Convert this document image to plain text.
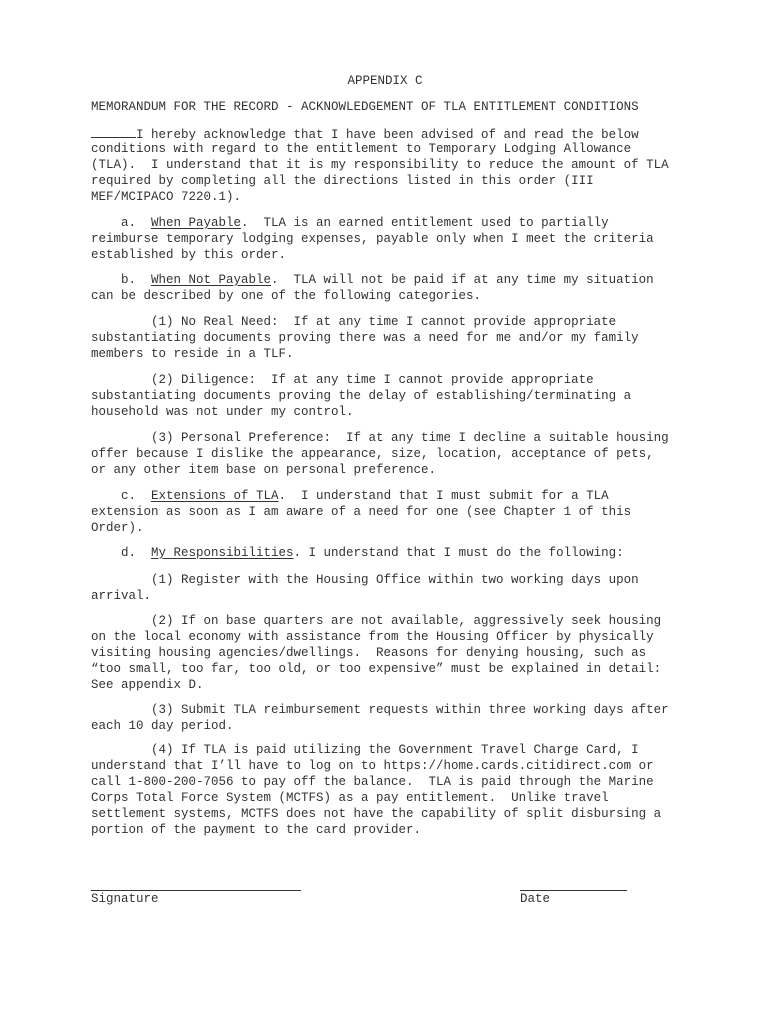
APPENDIX C
MEMORANDUM FOR THE RECORD - ACKNOWLEDGEMENT OF TLA ENTITLEMENT CONDITIONS
I hereby acknowledge that I have been advised of and read the below
conditions with regard to the entitlement to Temporary Lodging Allowance
(TLA).  I understand that it is my responsibility to reduce the amount of TLA
required by completing all the directions listed in this order (III
MEF/MCIPACO 7220.1).
a.  When Payable.  TLA is an earned entitlement used to partially
reimburse temporary lodging expenses, payable only when I meet the criteria
established by this order.
b.  When Not Payable.  TLA will not be paid if at any time my situation
can be described by one of the following categories.
(1) No Real Need:  If at any time I cannot provide appropriate
substantiating documents proving there was a need for me and/or my family
members to reside in a TLF.
(2) Diligence:  If at any time I cannot provide appropriate
substantiating documents proving the delay of establishing/terminating a
household was not under my control.
(3) Personal Preference:  If at any time I decline a suitable housing
offer because I dislike the appearance, size, location, acceptance of pets,
or any other item base on personal preference.
c.  Extensions of TLA.  I understand that I must submit for a TLA
extension as soon as I am aware of a need for one (see Chapter 1 of this
Order).
d.  My Responsibilities. I understand that I must do the following:
(1) Register with the Housing Office within two working days upon
arrival.
(2) If on base quarters are not available, aggressively seek housing
on the local economy with assistance from the Housing Officer by physically
visiting housing agencies/dwellings.  Reasons for denying housing, such as
“too small, too far, too old, or too expensive” must be explained in detail:
See appendix D.
(3) Submit TLA reimbursement requests within three working days after
each 10 day period.
(4) If TLA is paid utilizing the Government Travel Charge Card, I
understand that I’ll have to log on to https://home.cards.citidirect.com or
call 1-800-200-7056 to pay off the balance.  TLA is paid through the Marine
Corps Total Force System (MCTFS) as a pay entitlement.  Unlike travel
settlement systems, MCTFS does not have the capability of split disbursing a
portion of the payment to the card provider.
Signature	Date
